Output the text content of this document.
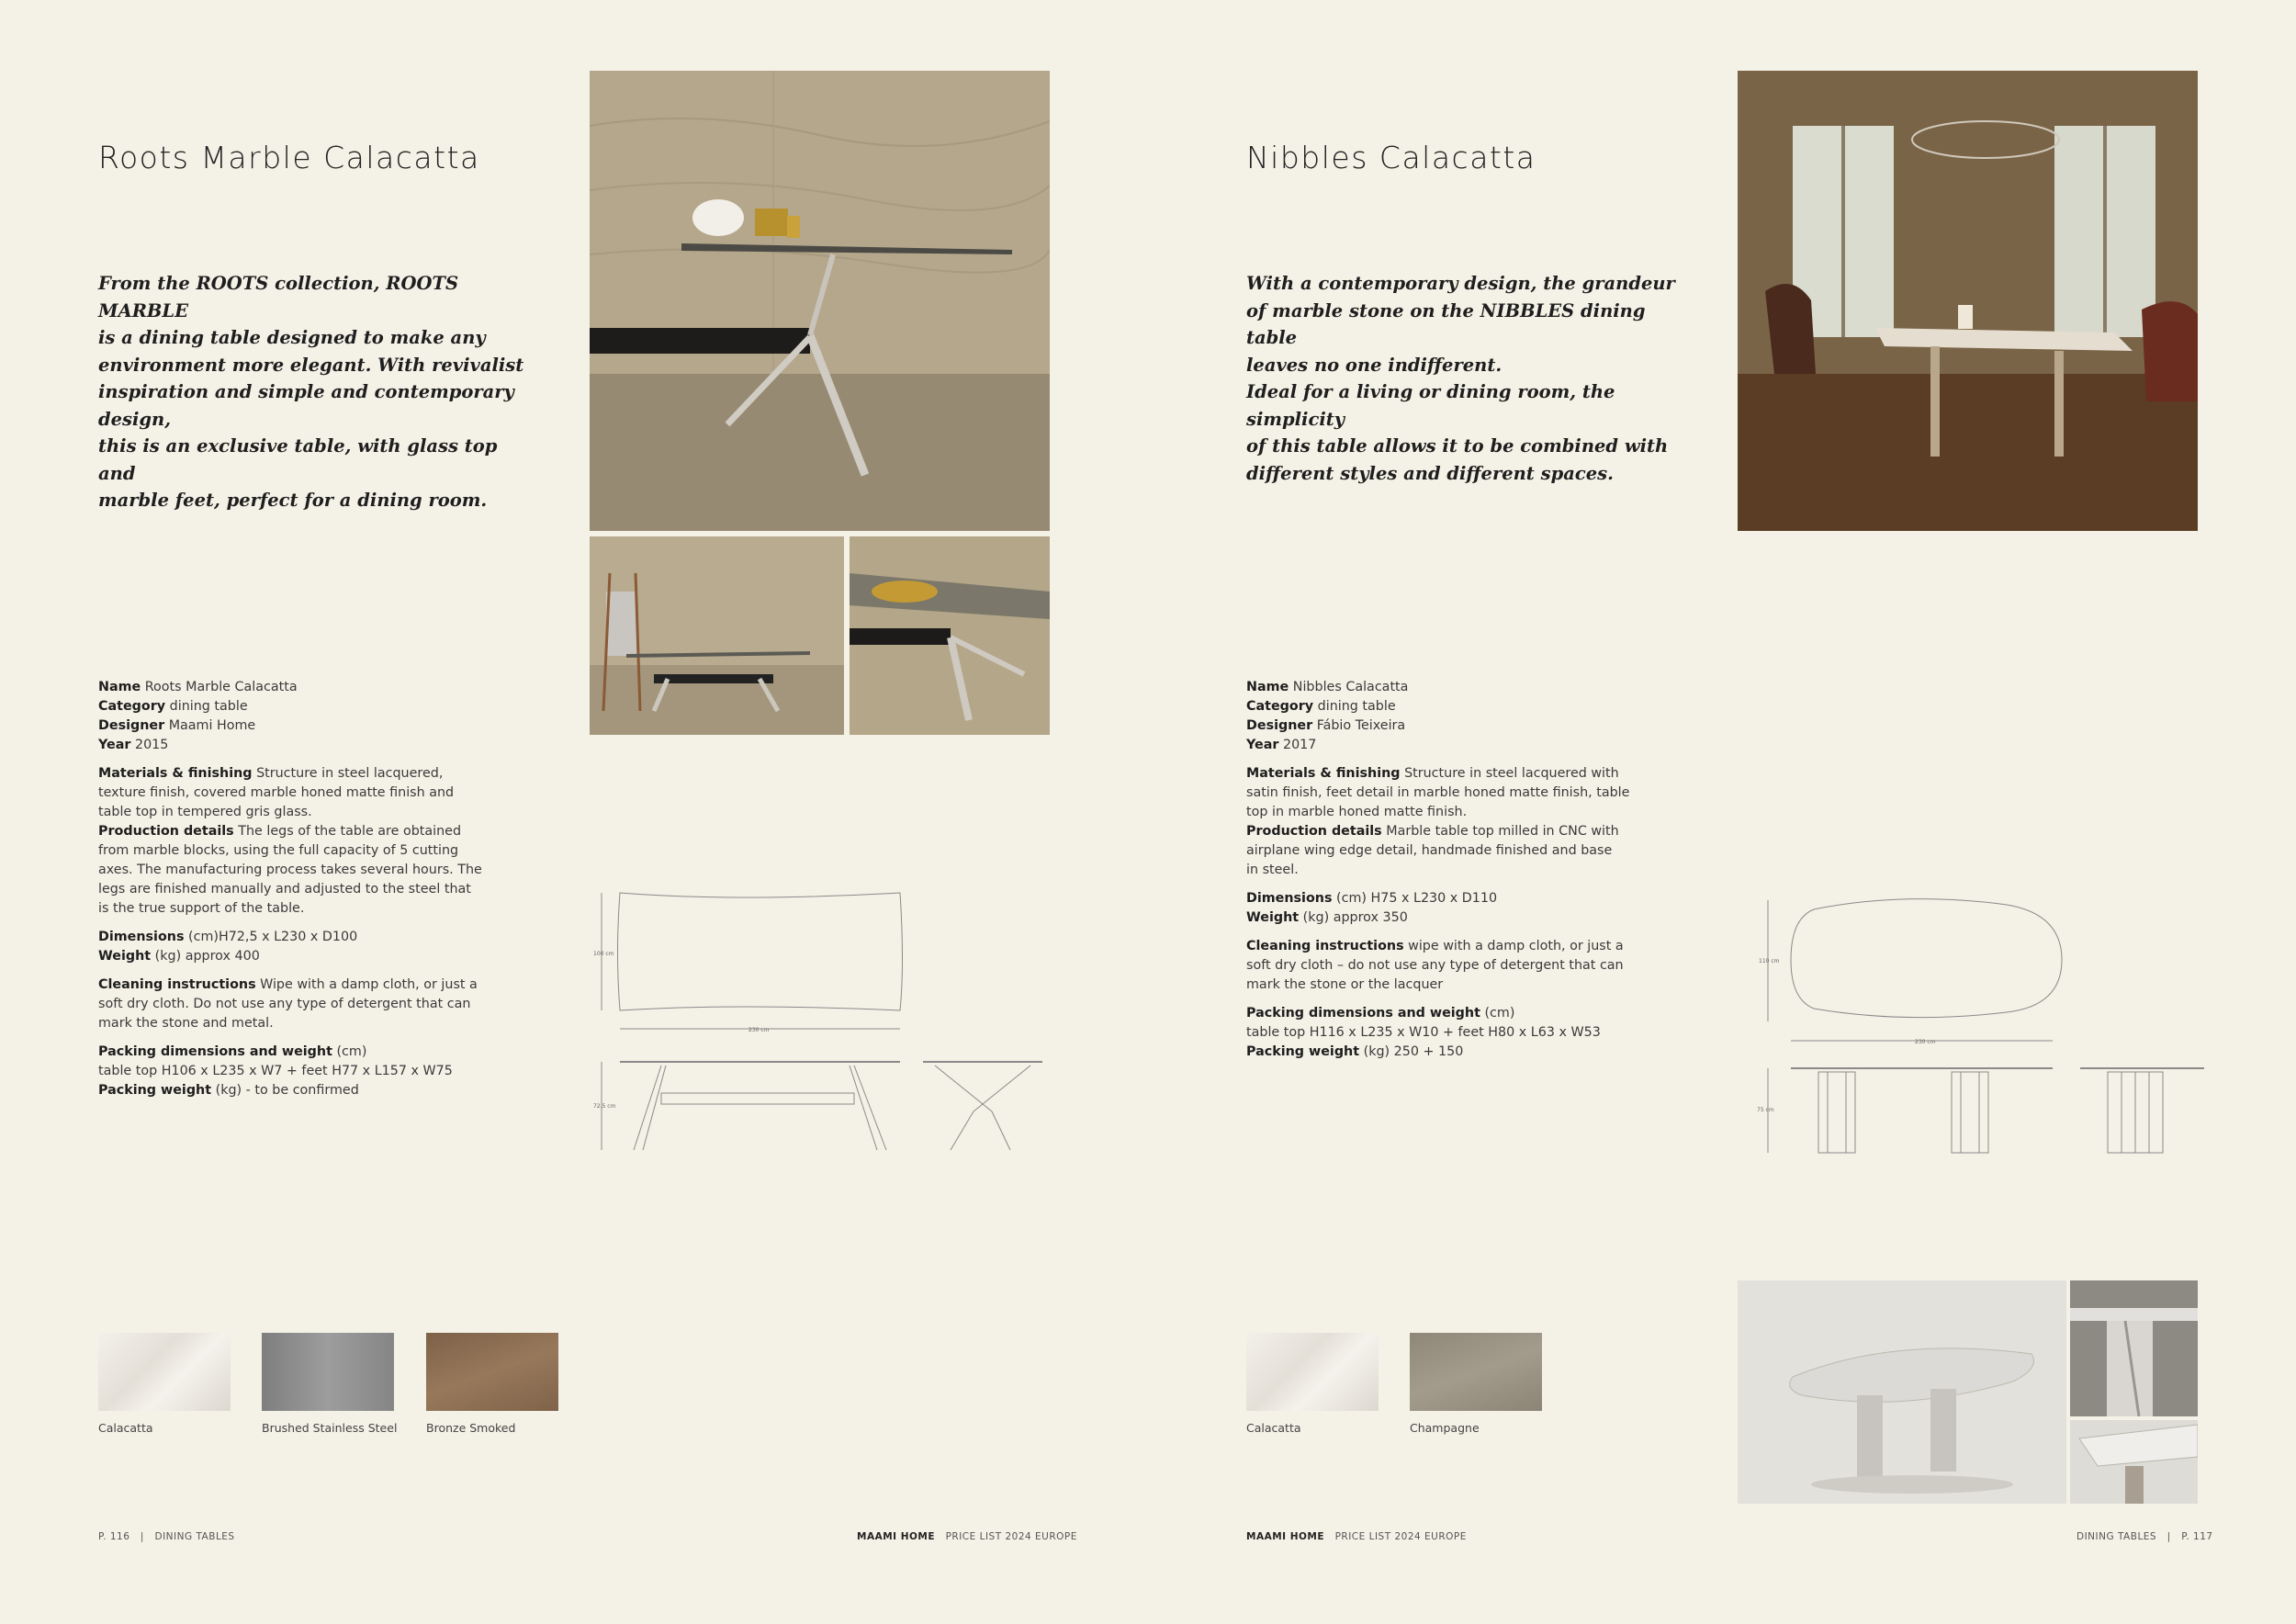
Roots Marble Calacatta
From the ROOTS collection, ROOTS MARBLE
is a dining table designed to make any
environment more elegant. With revivalist
inspiration and simple and contemporary design,
this is an exclusive table, with glass top and
marble feet, perfect for a dining room.
Name Roots Marble Calacatta
Category dining table
Designer Maami Home
Year 2015
Materials & finishing Structure in steel lacquered,
texture finish, covered marble honed matte finish and
table top in tempered gris glass.
Production details The legs of the table are obtained
from marble blocks, using the full capacity of 5 cutting
axes. The manufacturing process takes several hours. The
legs are finished manually and adjusted to the steel that
is the true support of the table.
Dimensions (cm)H72,5 x L230 x D100
Weight (kg) approx 400
Cleaning instructions Wipe with a damp cloth, or just a
soft dry cloth. Do not use any type of detergent that can
mark the stone and metal.
Packing dimensions and weight (cm)
table top H106 x L235 x W7 + feet H77 x L157 x W75
Packing weight (kg) - to be confirmed
100 cm
230 cm
72.5 cm
Calacatta	Brushed Stainless Steel	Bronze Smoked
P. 116   |   DINING TABLES	MAAMI HOME PRICE LIST 2024 EUROPE
Nibbles Calacatta
With a contemporary design, the grandeur
of marble stone on the NIBBLES dining table
leaves no one indifferent.
Ideal for a living or dining room, the simplicity
of this table allows it to be combined with
different styles and different spaces.
Name Nibbles Calacatta
Category dining table
Designer Fábio Teixeira
Year 2017
Materials & finishing Structure in steel lacquered with
satin finish, feet detail in marble honed matte finish, table
top in marble honed matte finish.
Production details Marble table top milled in CNC with
airplane wing edge detail, handmade finished and base
in steel.
Dimensions (cm) H75 x L230 x D110
Weight (kg) approx 350
Cleaning instructions wipe with a damp cloth, or just a
soft dry cloth – do not use any type of detergent that can
mark the stone or the lacquer
Packing dimensions and weight (cm)
table top H116 x L235 x W10 + feet H80 x L63 x W53
Packing weight (kg) 250 + 150
110 cm
230 cm
75 cm
Calacatta	Champagne
MAAMI HOME PRICE LIST 2024 EUROPE	DINING TABLES   |   P. 117
